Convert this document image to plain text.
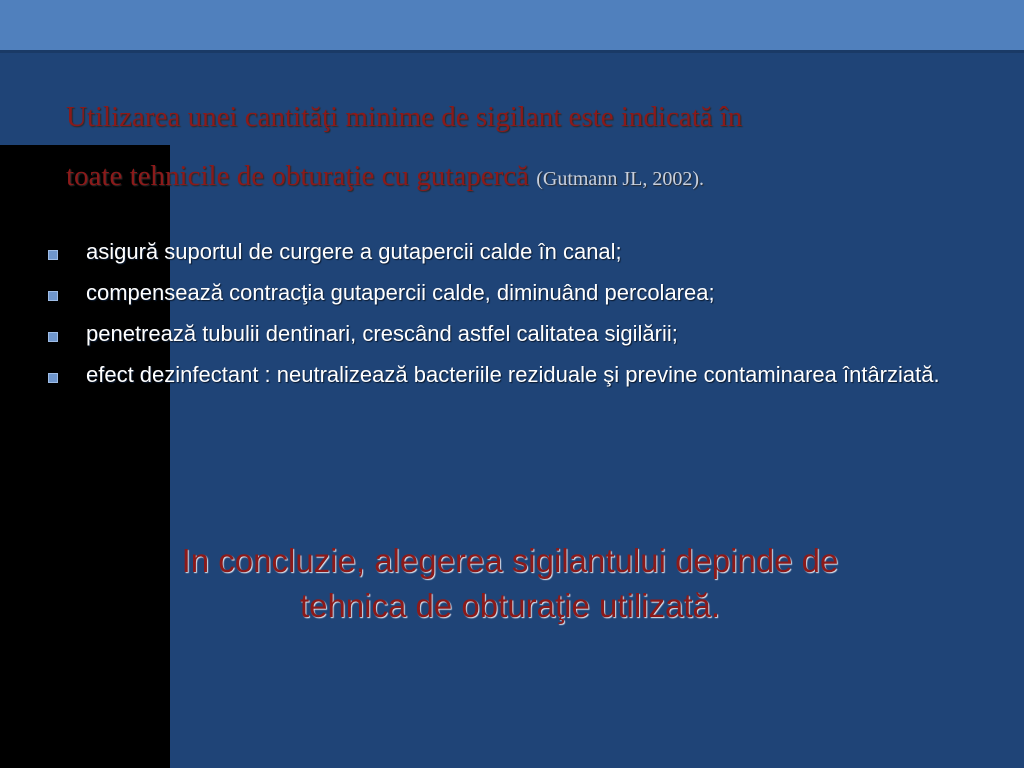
Utilizarea unei cantităţi minime de sigilant este indicată în
toate tehnicile de obturaţie cu gutapercă (Gutmann JL, 2002).
asigură suportul de curgere a gutapercii calde în canal;
compensează contracţia gutapercii calde, diminuând percolarea;
penetrează tubulii dentinari, crescând astfel calitatea sigilării;
efect dezinfectant : neutralizează bacteriile reziduale şi previne contaminarea întârziată.
In concluzie, alegerea sigilantului depinde de
tehnica de obturaţie utilizată.
